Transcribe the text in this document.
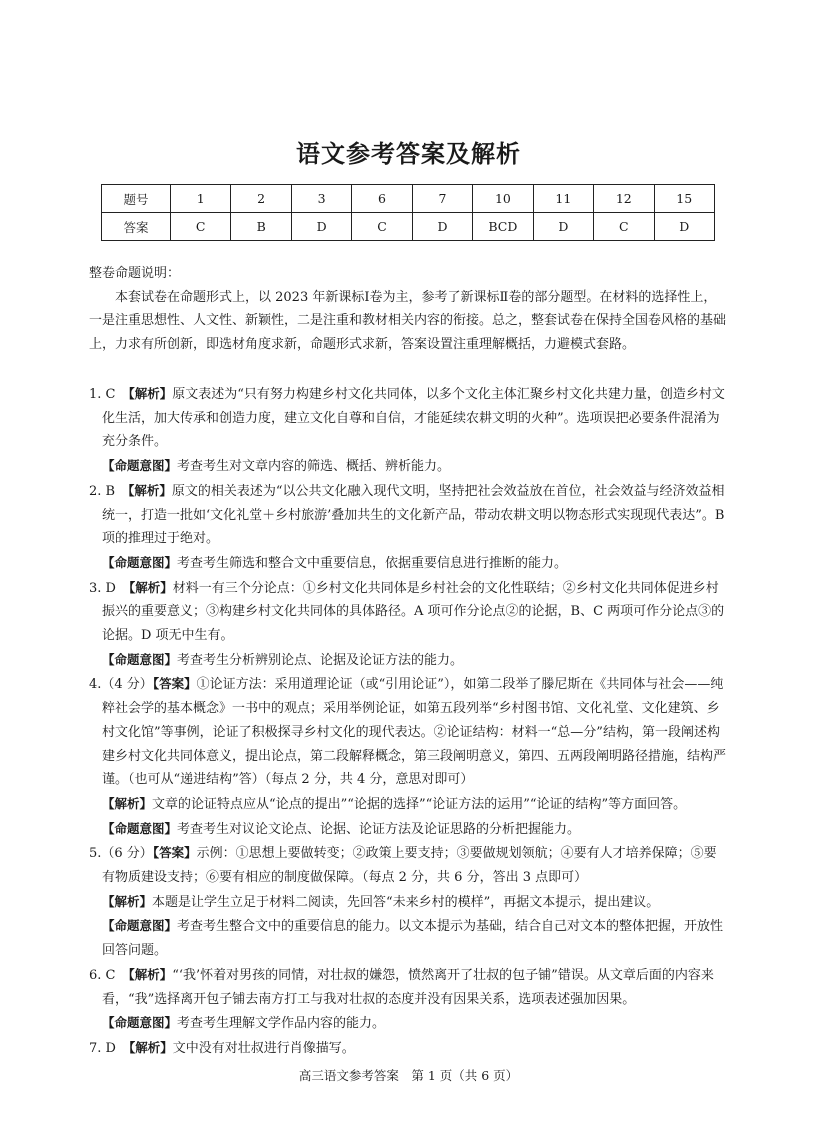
语文参考答案及解析
题号	1	2	3	6	7	10	11	12	15
答案	C	B	D	C	D	BCD	D	C	D

整卷命题说明：

本套试卷在命题形式上，以 2023 年新课标Ⅰ卷为主，参考了新课标Ⅱ卷的部分题型。在材料的选择性上，一是注重思想性、人文性、新颖性，二是注重和教材相关内容的衔接。总之，整套试卷在保持全国卷风格的基础上，力求有所创新，即选材角度求新，命题形式求新，答案设置注重理解概括，力避模式套路。

1. C　 【解析】原文表述为“只有努力构建乡村文化共同体，以多个文化主体汇聚乡村文化共建力量，创造乡村文化生活，加大传承和创造力度，建立文化自尊和自信，才能延续农耕文明的火种”。选项误把必要条件混淆为充分条件。

【命题意图】考查考生对文章内容的筛选、概括、辨析能力。

2. B　 【解析】原文的相关表述为“以公共文化融入现代文明，坚持把社会效益放在首位，社会效益与经济效益相统一，打造一批如‘文化礼堂＋乡村旅游’叠加共生的文化新产品，带动农耕文明以物态形式实现现代表达”。B 项的推理过于绝对。

【命题意图】考查考生筛选和整合文中重要信息，依据重要信息进行推断的能力。

3. D　 【解析】材料一有三个分论点：①乡村文化共同体是乡村社会的文化性联结；②乡村文化共同体促进乡村振兴的重要意义；③构建乡村文化共同体的具体路径。A 项可作分论点②的论据，B、C 两项可作分论点③的论据。D 项无中生有。

【命题意图】考查考生分析辨别论点、论据及论证方法的能力。

4.（4 分）【答案】①论证方法：采用道理论证（或“引用论证”），如第二段举了滕尼斯在《共同体与社会——纯粹社会学的基本概念》一书中的观点；采用举例论证，如第五段列举“乡村图书馆、文化礼堂、文化建筑、乡村文化馆”等事例，论证了积极探寻乡村文化的现代表达。②论证结构：材料一“总—分”结构，第一段阐述构建乡村文化共同体意义，提出论点，第二段解释概念，第三段阐明意义，第四、五两段阐明路径措施，结构严谨。（也可从“递进结构”答）（每点 2 分，共 4 分，意思对即可）

【解析】文章的论证特点应从“论点的提出”“论据的选择”“论证方法的运用”“论证的结构”等方面回答。

【命题意图】考查考生对议论文论点、论据、论证方法及论证思路的分析把握能力。

5.（6 分）【答案】示例：①思想上要做转变；②政策上要支持；③要做规划领航；④要有人才培养保障；⑤要有物质建设支持；⑥要有相应的制度做保障。（每点 2 分，共 6 分，答出 3 点即可）

【解析】本题是让学生立足于材料二阅读，先回答“未来乡村的模样”，再据文本提示，提出建议。

【命题意图】考查考生整合文中的重要信息的能力。以文本提示为基础，结合自己对文本的整体把握，开放性回答问题。

6. C　 【解析】“‘我’怀着对男孩的同情，对壮叔的嫌怨，愤然离开了壮叔的包子铺”错误。从文章后面的内容来看，“我”选择离开包子铺去南方打工与我对壮叔的态度并没有因果关系，选项表述强加因果。

【命题意图】考查考生理解文学作品内容的能力。

7. D　 【解析】文中没有对壮叔进行肖像描写。

高三语文参考答案　第 1 页（共 6 页）
